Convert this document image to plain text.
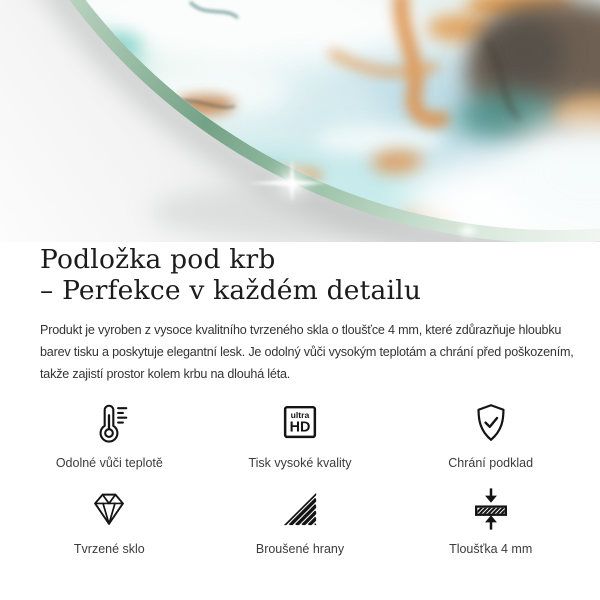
Podložka pod krb
– Perfekce v každém detailu
Produkt je vyroben z vysoce kvalitního tvrzeného skla o tloušťce 4 mm, které zdůrazňuje hloubku
barev tisku a poskytuje elegantní lesk. Je odolný vůči vysokým teplotám a chrání před poškozením,
takže zajistí prostor kolem krbu na dlouhá léta.
Odolné vůči teplotě
ultra
HD
Tisk vysoké kvality	Chrání podklad
Tvrzené sklo	Broušené hrany	Tloušťka 4 mm
